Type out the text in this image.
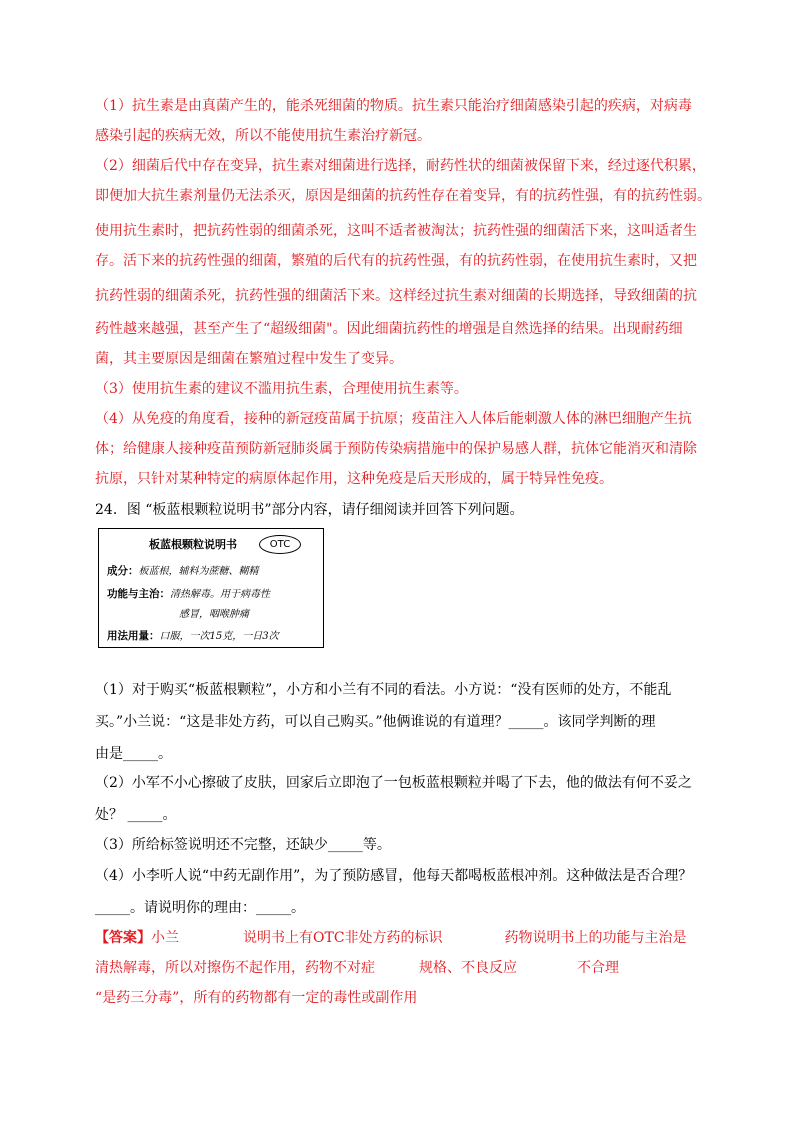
（1）抗生素是由真菌产生的，能杀死细菌的物质。抗生素只能治疗细菌感染引起的疾病，对病毒
感染引起的疾病无效，所以不能使用抗生素治疗新冠。
（2）细菌后代中存在变异，抗生素对细菌进行选择，耐药性状的细菌被保留下来，经过逐代积累，
即便加大抗生素剂量仍无法杀灭，原因是细菌的抗药性存在着变异，有的抗药性强，有的抗药性弱。
使用抗生素时，把抗药性弱的细菌杀死，这叫不适者被淘汰；抗药性强的细菌活下来，这叫适者生
存。活下来的抗药性强的细菌，繁殖的后代有的抗药性强，有的抗药性弱，在使用抗生素时，又把
抗药性弱的细菌杀死，抗药性强的细菌活下来。这样经过抗生素对细菌的长期选择，导致细菌的抗
药性越来越强，甚至产生了“超级细菌"。因此细菌抗药性的增强是自然选择的结果。出现耐药细
菌，其主要原因是细菌在繁殖过程中发生了变异。
（3）使用抗生素的建议不滥用抗生素，合理使用抗生素等。
（4）从免疫的角度看，接种的新冠疫苗属于抗原；疫苗注入人体后能刺激人体的淋巴细胞产生抗
体；给健康人接种疫苗预防新冠肺炎属于预防传染病措施中的保护易感人群，抗体它能消灭和清除
抗原，只针对某种特定的病原体起作用，这种免疫是后天形成的，属于特异性免疫。
24．图 “板蓝根颗粒说明书”部分内容，请仔细阅读并回答下列问题。
板蓝根颗粒说明书	OTC
成分：板蓝根，辅料为蔗糖、糊精
功能与主治：清热解毒。用于病毒性
感冒，咽喉肿痛
用法用量：口服，一次15克，一日3次
（1）对于购买“板蓝根颗粒”，小方和小兰有不同的看法。小方说：“没有医师的处方，不能乱
买。”小兰说：“这是非处方药，可以自己购买。”他俩谁说的有道理？_____。该同学判断的理
由是_____。
（2）小军不小心擦破了皮肤，回家后立即泡了一包板蓝根颗粒并喝了下去，他的做法有何不妥之
处？ _____。
（3）所给标签说明还不完整，还缺少_____等。
（4）小李听人说“中药无副作用”，为了预防感冒，他每天都喝板蓝根冲剂。这种做法是否合理？
_____。请说明你的理由：_____。
【答案】小兰	说明书上有OTC非处方药的标识	药物说明书上的功能与主治是
清热解毒，所以对擦伤不起作用，药物不对症	规格、不良反应	不合理
“是药三分毒”，所有的药物都有一定的毒性或副作用
